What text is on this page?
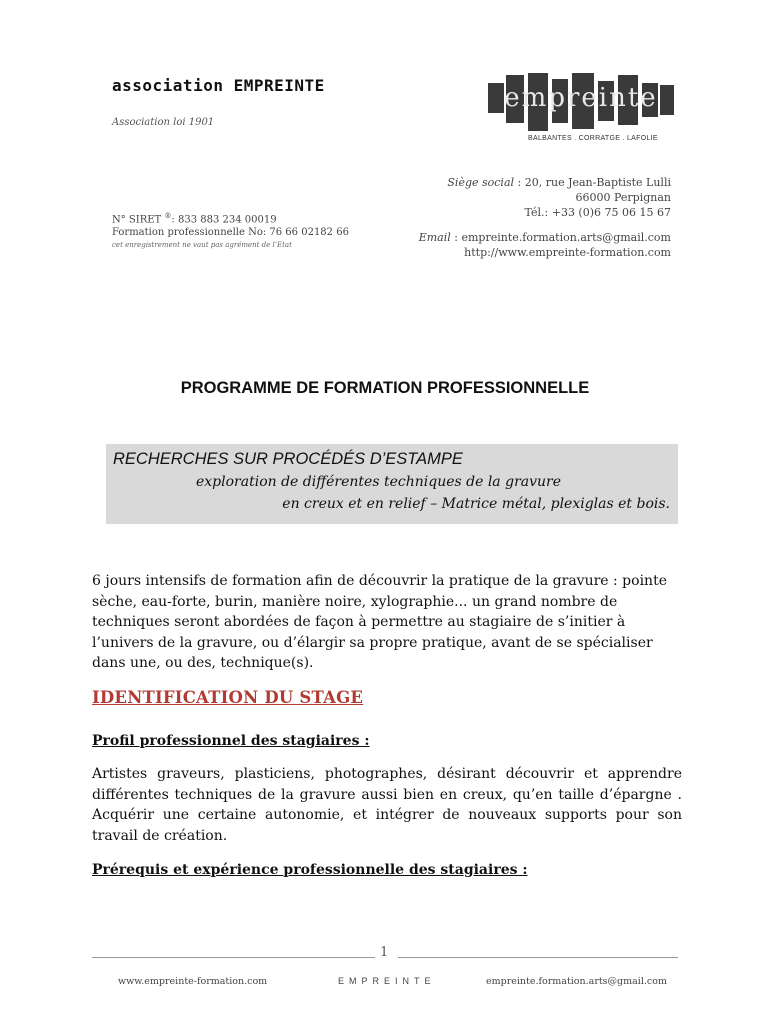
association EMPREINTE
Association loi 1901
N° SIRET ®: 833 883 234 00019
Formation professionnelle No: 76 66 02182 66
cet enregistrement ne vaut pas agrément de l’Etat
empreinte
BALBANTES . CORRATGE . LAFOLIE
Siège social : 20, rue Jean-Baptiste Lulli
66000 Perpignan
Tél.: +33 (0)6 75 06 15 67
Email : empreinte.formation.arts@gmail.com
http://www.empreinte-formation.com
PROGRAMME DE FORMATION PROFESSIONNELLE
RECHERCHES SUR PROCÉDÉS D’ESTAMPE
exploration de différentes techniques de la gravure
en creux et en relief – Matrice métal, plexiglas et bois.
6 jours intensifs de formation afin de découvrir la pratique de la gravure : pointe sèche, eau-forte, burin, manière noire, xylographie... un grand nombre de techniques seront abordées de façon à permettre au stagiaire de s’initier à l’univers de la gravure, ou d’élargir sa propre pratique, avant de se spécialiser dans une, ou des, technique(s).
IDENTIFICATION DU STAGE
Profil professionnel des stagiaires :
Artistes graveurs, plasticiens, photographes, désirant découvrir et apprendre différentes techniques de la gravure aussi bien en creux, qu’en taille d’épargne . Acquérir une certaine autonomie, et intégrer de nouveaux supports pour son travail de création.
Prérequis et expérience professionnelle des stagiaires :
1
www.empreinte-formation.com	EMPREINTE	empreinte.formation.arts@gmail.com
